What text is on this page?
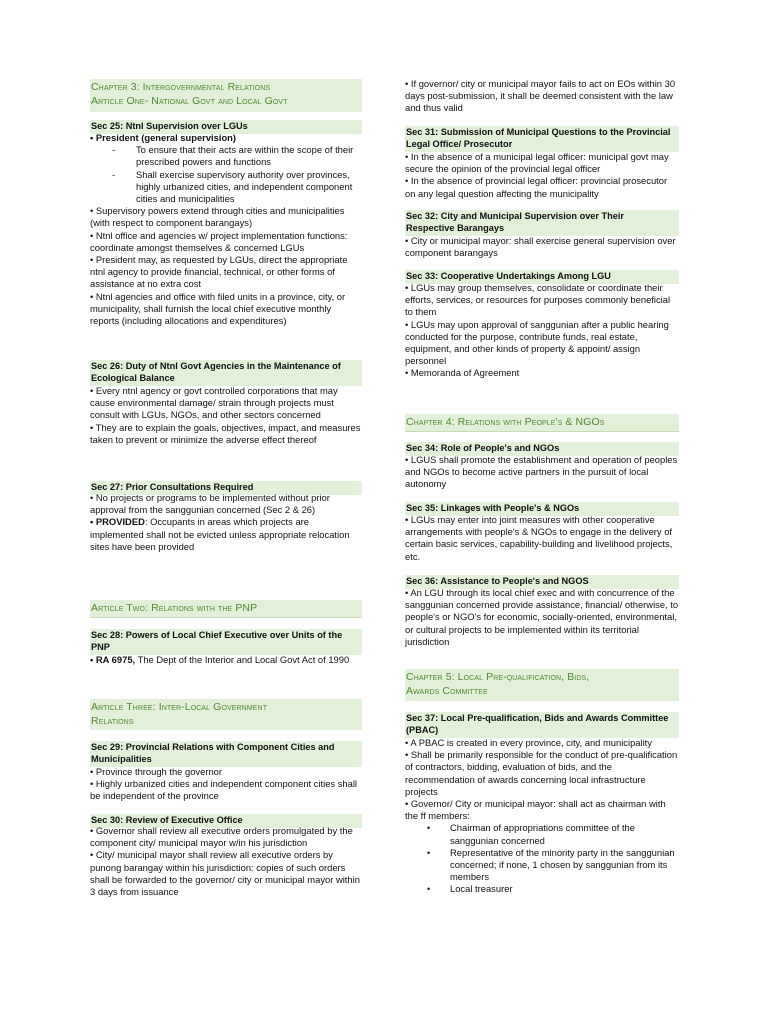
Chapter 3: Intergovernmental Relations
Article One- National Govt and Local Govt
Sec 25: Ntnl Supervision over LGUs

• President (general supervision)

-	To ensure that their acts are within the scope of their prescribed powers and functions
-	Shall exercise supervisory authority over provinces, highly urbanized cities, and independent component cities and municipalities

• Supervisory powers extend through cities and municipalities (with respect to component barangays)

• Ntnl office and agencies w/ project implementation functions: coordinate amongst themselves & concerned LGUs

• President may, as requested by LGUs, direct the appropriate ntnl agency to provide financial, technical, or other forms of assistance at no extra cost

• Ntnl agencies and office with filed units in a province, city, or municipality, shall furnish the local chief executive monthly reports (including allocations and expenditures)

Sec 26: Duty of Ntnl Govt Agencies in the Maintenance of Ecological Balance

• Every ntnl agency or govt controlled corporations that may cause environmental damage/ strain through projects must consult with LGUs, NGOs, and other sectors concerned

• They are to explain the goals, objectives, impact, and measures taken to prevent or minimize the adverse effect thereof

Sec 27: Prior Consultations Required

• No projects or programs to be implemented without prior approval from the sanggunian concerned (Sec 2 & 26)

• PROVIDED: Occupants in areas which projects are implemented shall not be evicted unless appropriate relocation sites have been provided

Article Two: Relations with the PNP
Sec 28: Powers of Local Chief Executive over Units of the PNP

• RA 6975, The Dept of the Interior and Local Govt Act of 1990

Article Three: Inter-Local Government
Relations
Sec 29: Provincial Relations with Component Cities and Municipalities

• Province through the governor

• Highly urbanized cities and independent component cities shall be independent of the province

Sec 30: Review of Executive Office

• Governor shall review all executive orders promulgated by the component city/ municipal mayor w/in his jurisdiction

• City/ municipal mayor shall review all executive orders by punong barangay within his jurisdiction: copies of such orders shall be forwarded to the governor/ city or municipal mayor within 3 days from issuance

• If governor/ city or municipal mayor fails to act on EOs within 30 days post-submission, it shall be deemed consistent with the law and thus valid

Sec 31: Submission of Municipal Questions to the Provincial Legal Office/ Prosecutor

• In the absence of a municipal legal officer: municipal govt may secure the opinion of the provincial legal officer

• In the absence of provincial legal officer: provincial prosecutor on any legal question affecting the municipality

Sec 32: City and Municipal Supervision over Their
Respective Barangays

• City or municipal mayor: shall exercise general supervision over component barangays

Sec 33: Cooperative Undertakings Among LGU

• LGUs may group themselves, consolidate or coordinate their efforts, services, or resources for purposes commonly beneficial to them

• LGUs may upon approval of sanggunian after a public hearing conducted for the purpose, contribute funds, real estate, equipment, and other kinds of property & appoint/ assign personnel

• Memoranda of Agreement

Chapter 4: Relations with People's & NGOs
Sec 34: Role of People's and NGOs

• LGUS shall promote the establishment and operation of peoples and NGOs to become active partners in the pursuit of local autonomy

Sec 35: Linkages with People's & NGOs

• LGUs may enter into joint measures with other cooperative arrangements with people's & NGOs to engage in the delivery of certain basic services, capability-building and livelihood projects, etc.

Sec 36: Assistance to People's and NGOS

• An LGU through its local chief exec and with concurrence of the sanggunian concerned provide assistance, financial/ otherwise, to people's or NGO's for economic, socially-oriented, environmental, or cultural projects to be implemented within its territorial jurisdiction

Chapter 5: Local Pre-qualification, Bids,
Awards Committee
Sec 37: Local Pre-qualification, Bids and Awards Committee (PBAC)

• A PBAC is created in every province, city, and municipality

• Shall be primarily responsible for the conduct of pre-qualification of contractors, bidding, evaluation of bids, and the recommendation of awards concerning local infrastructure projects

• Governor/ City or municipal mayor: shall act as chairman with the ff members:

•	Chairman of appropriations committee of the sanggunian concerned
•	Representative of the minority party in the sanggunian concerned; if none, 1 chosen by sanggunian from its members
•	Local treasurer
